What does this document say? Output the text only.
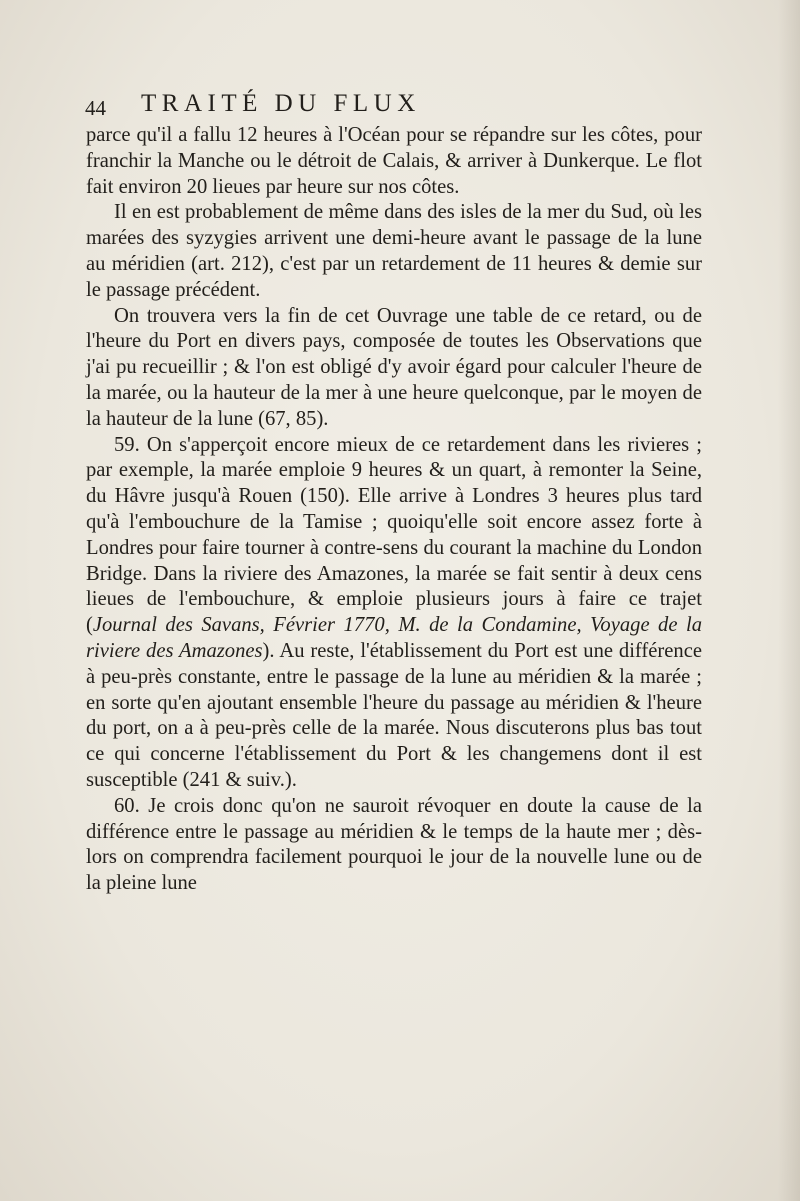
44 TRAITÉ DU FLUX

parce qu'il a fallu 12 heures à l'Océan pour se répandre sur les côtes, pour franchir la Manche ou le détroit de Calais, & arriver à Dunkerque. Le flot fait environ 20 lieues par heure sur nos côtes.

Il en est probablement de même dans des isles de la mer du Sud, où les marées des syzygies arrivent une demi-heure avant le passage de la lune au méridien (art. 212), c'est par un retardement de 11 heures & demie sur le passage précédent.

On trouvera vers la fin de cet Ouvrage une table de ce retard, ou de l'heure du Port en divers pays, composée de toutes les Observations que j'ai pu recueillir ; & l'on est obligé d'y avoir égard pour calculer l'heure de la marée, ou la hauteur de la mer à une heure quelconque, par le moyen de la hauteur de la lune (67, 85).

59. On s'apperçoit encore mieux de ce retardement dans les rivieres ; par exemple, la marée emploie 9 heures & un quart, à remonter la Seine, du Hâvre jusqu'à Rouen (150). Elle arrive à Londres 3 heures plus tard qu'à l'embouchure de la Tamise ; quoiqu'elle soit encore assez forte à Londres pour faire tourner à contre-sens du courant la machine du London Bridge. Dans la riviere des Amazones, la marée se fait sentir à deux cens lieues de l'embouchure, & emploie plusieurs jours à faire ce trajet (Journal des Savans, Février 1770, M. de la Condamine, Voyage de la riviere des Amazones). Au reste, l'établissement du Port est une différence à peu-près constante, entre le passage de la lune au méridien & la marée ; en sorte qu'en ajoutant ensemble l'heure du passage au méridien & l'heure du port, on a à peu-près celle de la marée. Nous discuterons plus bas tout ce qui concerne l'établissement du Port & les changemens dont il est susceptible (241 & suiv.).

60. Je crois donc qu'on ne sauroit révoquer en doute la cause de la différence entre le passage au méridien & le temps de la haute mer ; dès-lors on comprendra facilement pourquoi le jour de la nouvelle lune ou de la pleine lune
